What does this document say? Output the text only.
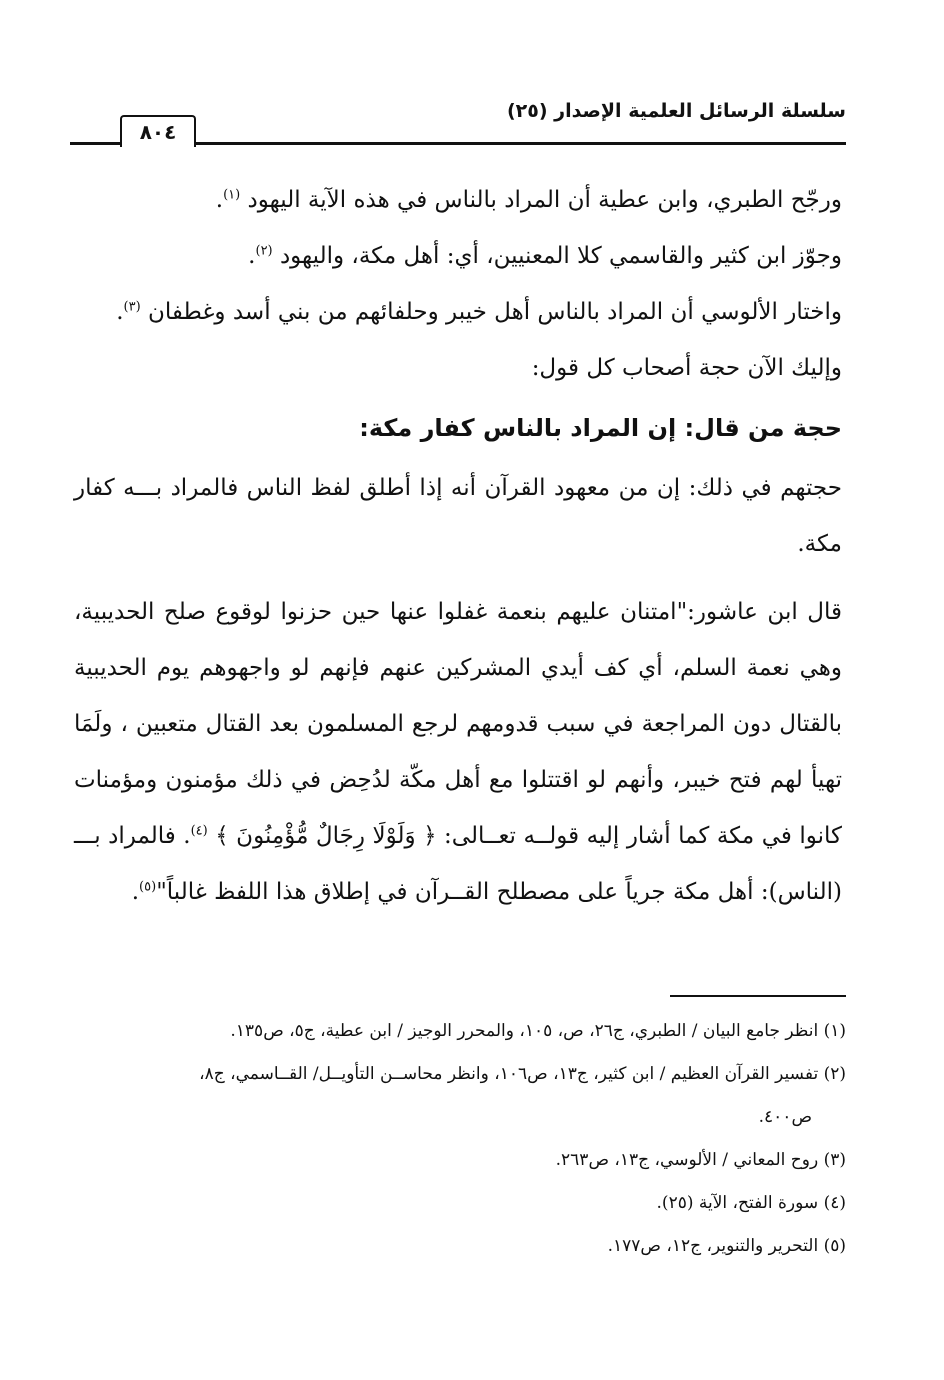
سلسلة الرسائل العلمية الإصدار (٢٥)
٨٠٤

ورجّح الطبري، وابن عطية أن المراد بالناس في هذه الآية اليهود $^{(١)}$.

وجوّز ابن كثير والقاسمي كلا المعنيين، أي: أهل مكة، واليهود $^{(٢)}$.

واختار الألوسي أن المراد بالناس أهل خيبر وحلفائهم من بني أسد وغطفان $^{(٣)}$.

وإليك الآن حجة أصحاب كل قول:

حجة من قال: إن المراد بالناس كفار مكة:

حجتهم في ذلك: إن من معهود القرآن أنه إذا أطلق لفظ الناس فالمراد بـــه كفار مكة.

قال ابن عاشور:"امتنان عليهم بنعمة غفلوا عنها حين حزنوا لوقوع صلح الحديبية، وهي نعمة السلم، أي كف أيدي المشركين عنهم فإنهم لو واجهوهم يوم الحديبية بالقتال دون المراجعة في سبب قدومهم لرجع المسلمون بعد القتال متعبين ، ولَمَا تهيأ لهم فتح خيبر، وأنهم لو اقتتلوا مع أهل مكّة لدُحِض في ذلك مؤمنون ومؤمنات كانوا في مكة كما أشار إليه قولــه تعــالى: ﴿ وَلَوْلَا رِجَالٌ مُّؤْمِنُونَ ﴾ $^{(٤)}$. فالمراد بـــ (الناس): أهل مكة جرياً على مصطلح القــرآن في إطلاق هذا اللفظ غالباً"$^{(٥)}$.

(١) انظر جامع البيان / الطبري، ج٢٦، ص، ١٠٥، والمحرر الوجيز / ابن عطية، ج٥، ص١٣٥.

(٢) تفسير القرآن العظيم / ابن كثير، ج١٣، ص١٠٦، وانظر محاســن التأويــل/ القــاسمي، ج٨،
ص٤٠٠.

(٣) روح المعاني / الألوسي، ج١٣، ص٢٦٣.

(٤) سورة الفتح، الآية (٢٥).

(٥) التحرير والتنوير، ج١٢، ص١٧٧.
